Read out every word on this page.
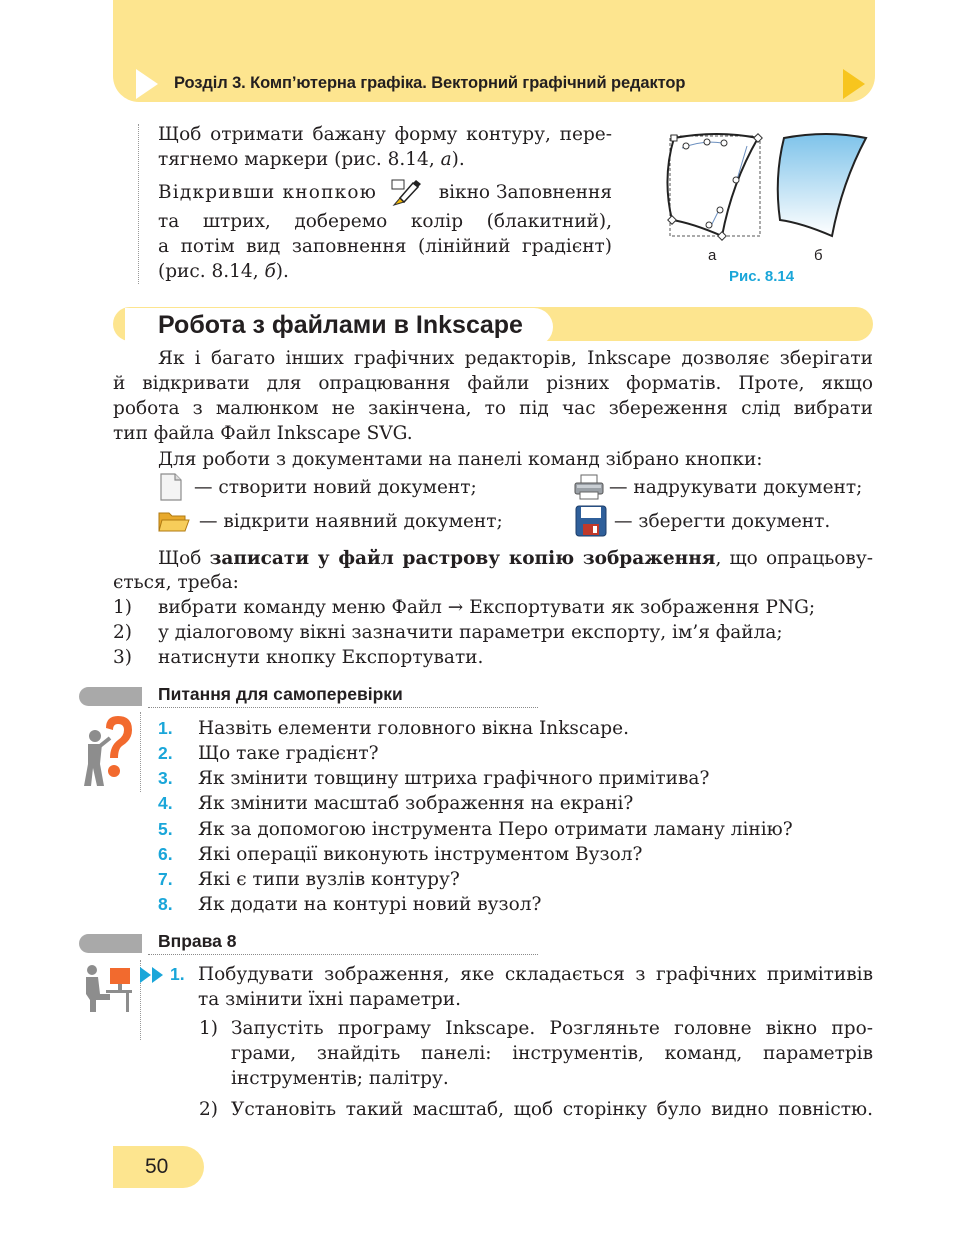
Розділ 3. Комп’ютерна графіка. Векторний графічний редактор
Щоб отримати бажану форму контуру, пере-
тягнемо маркери (рис. 8.14, а).
Відкривши кнопкою	вікно Заповнення
та штрих, доберемо колір (блакитний),
а потім вид заповнення (лінійний градієнт)
(рис. 8.14, б).
а	б
Рис. 8.14
Робота з файлами в Inkscape
Як і багато інших графічних редакторів, Inkscape дозволяє зберігати
й відкривати для опрацювання файли різних форматів. Проте, якщо
робота з малюнком не закінчена, то під час збереження слід вибрати
тип файла Файл Inkscape SVG.
Для роботи з документами на панелі команд зібрано кнопки:
— створити новий документ;	— надрукувати документ;
— відкрити наявний документ;	— зберегти документ.
Щоб записати у файл растрову копію зображення, що опрацьову-
ється, треба:
1) вибрати команду меню Файл → Експортувати як зображення PNG;
2) у діалоговому вікні зазначити параметри експорту, ім’я файла;
3) натиснути кнопку Експортувати.
Питання для самоперевірки
1. Назвіть елементи головного вікна Inkscape.
2. Що таке градієнт?
3. Як змінити товщину штриха графічного примітива?
4. Як змінити масштаб зображення на екрані?
5. Як за допомогою інструмента Перо отримати ламану лінію?
6. Які операції виконують інструментом Вузол?
7. Які є типи вузлів контуру?
8. Як додати на контурі новий вузол?
Вправа 8
1. Побудувати зображення, яке складається з графічних примітивів
та змінити їхні параметри.
1) Запустіть програму Inkscape. Розгляньте головне вікно про-
грами, знайдіть панелі: інструментів, команд, параметрів
інструментів; палітру.
2) Установіть такий масштаб, щоб сторінку було видно повністю.
50
